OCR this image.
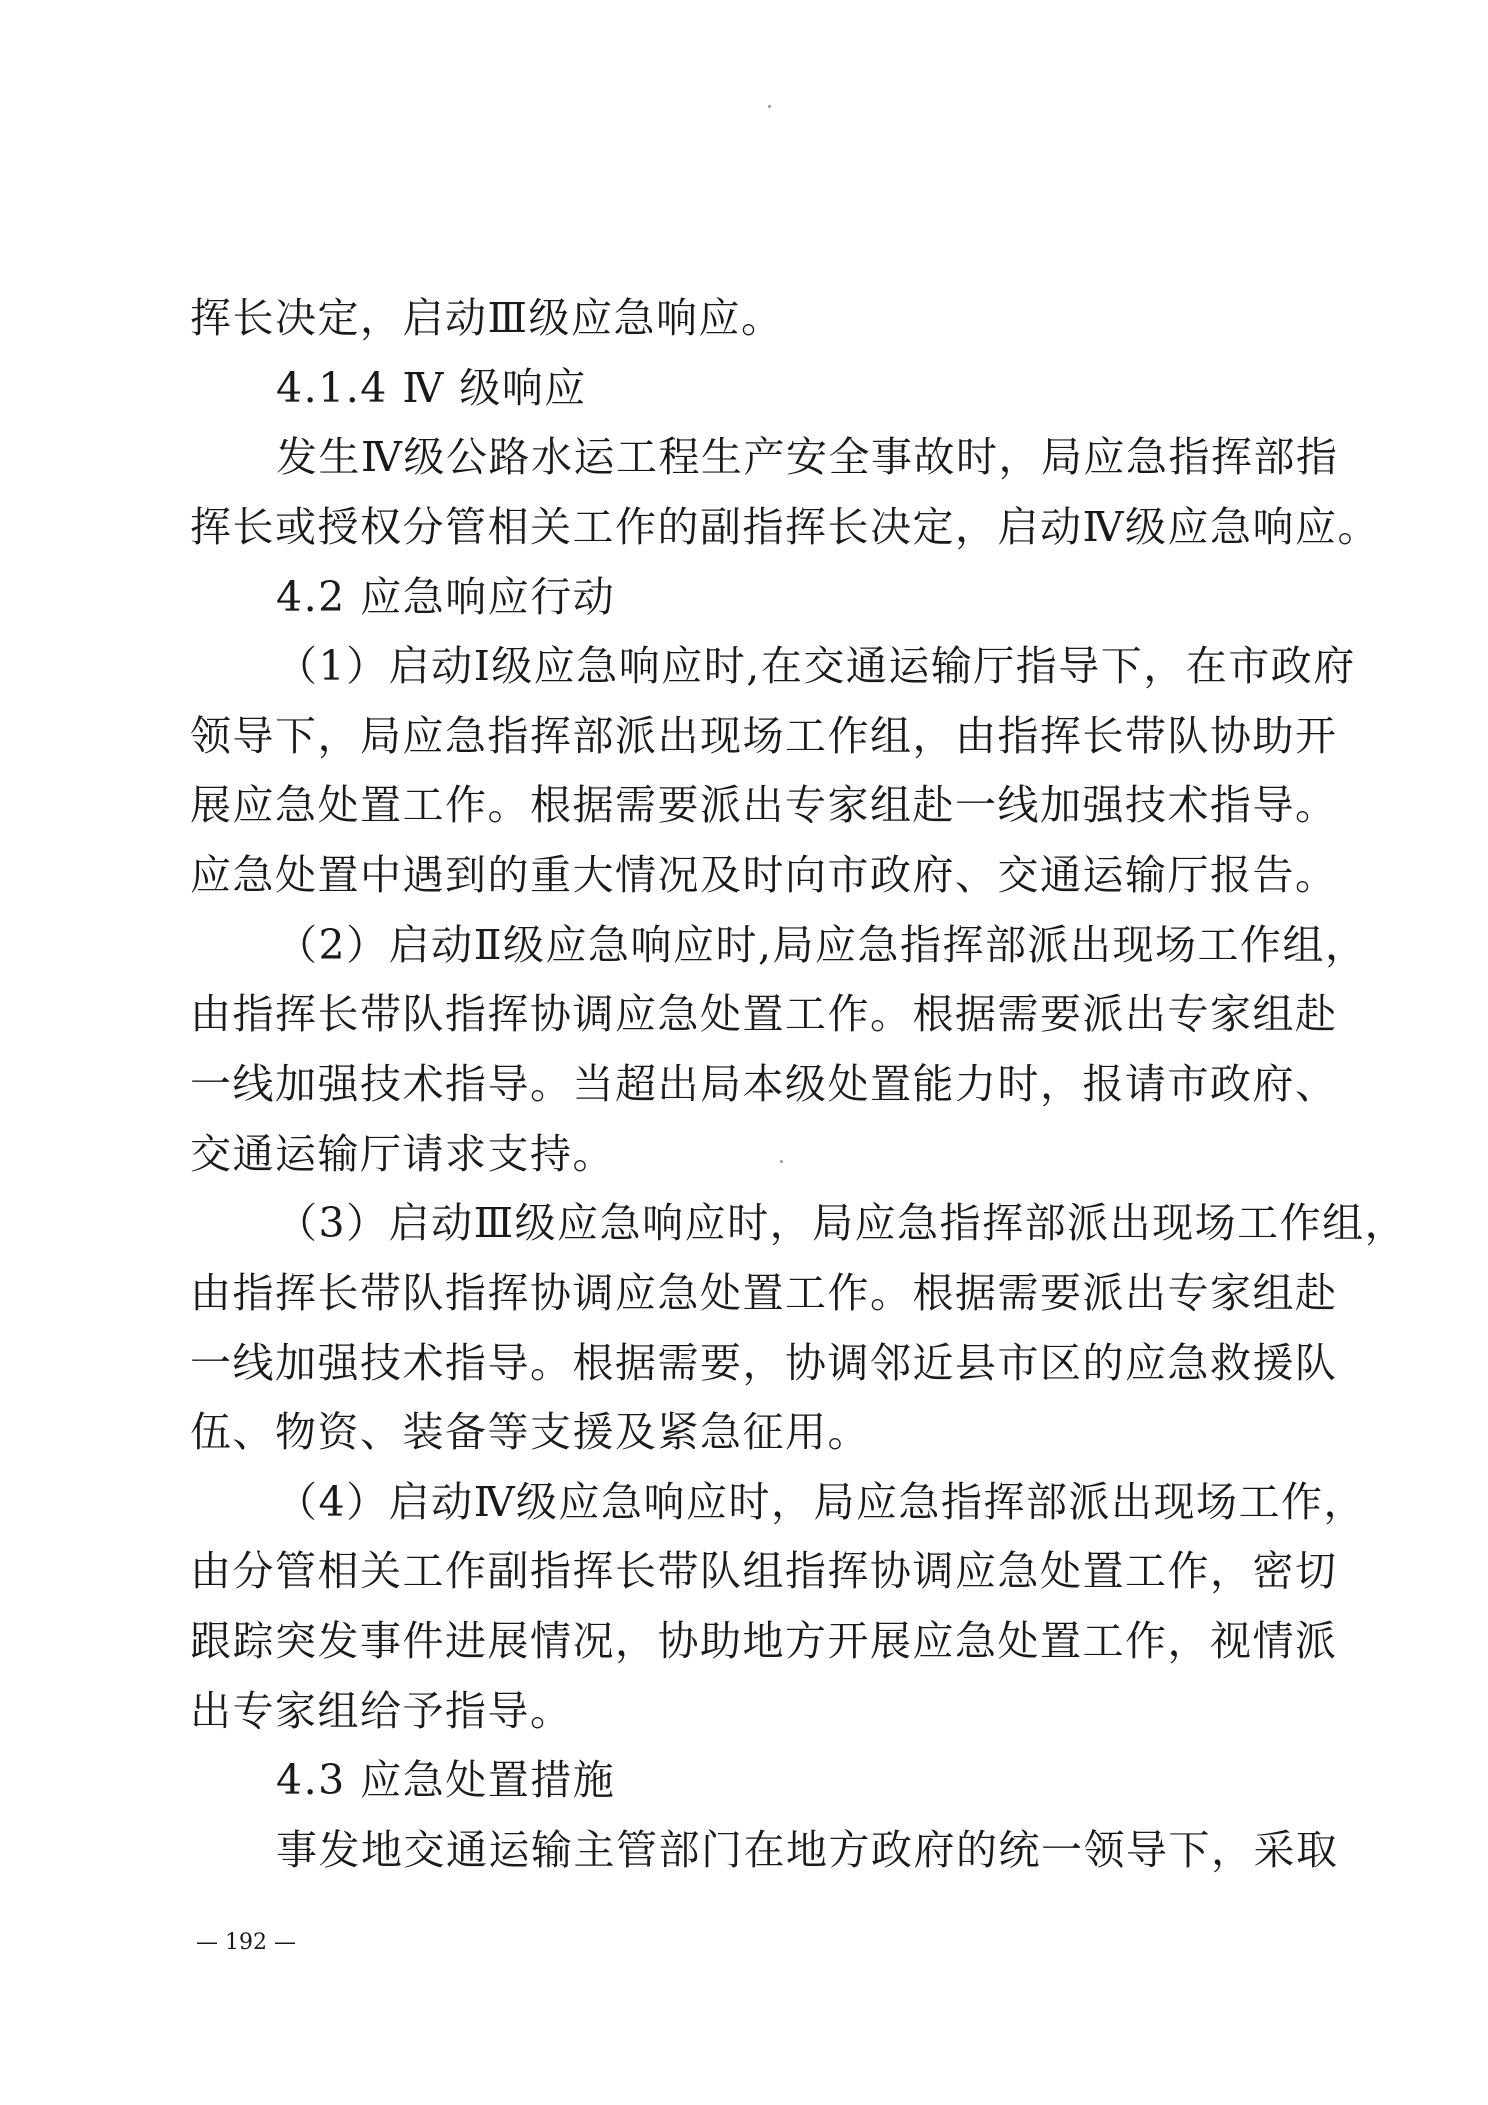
挥长决定，启动Ⅲ级应急响应。
4.1.4 Ⅳ 级响应
发生Ⅳ级公路水运工程生产安全事故时，局应急指挥部指
挥长或授权分管相关工作的副指挥长决定，启动Ⅳ级应急响应。
4.2 应急响应行动
（1）启动Ⅰ级应急响应时,在交通运输厅指导下，在市政府
领导下，局应急指挥部派出现场工作组，由指挥长带队协助开
展应急处置工作。根据需要派出专家组赴一线加强技术指导。
应急处置中遇到的重大情况及时向市政府、交通运输厅报告。
（2）启动Ⅱ级应急响应时,局应急指挥部派出现场工作组，
由指挥长带队指挥协调应急处置工作。根据需要派出专家组赴
一线加强技术指导。当超出局本级处置能力时，报请市政府、
交通运输厅请求支持。
（3）启动Ⅲ级应急响应时，局应急指挥部派出现场工作组，
由指挥长带队指挥协调应急处置工作。根据需要派出专家组赴
一线加强技术指导。根据需要，协调邻近县市区的应急救援队
伍、物资、装备等支援及紧急征用。
（4）启动Ⅳ级应急响应时，局应急指挥部派出现场工作，
由分管相关工作副指挥长带队组指挥协调应急处置工作，密切
跟踪突发事件进展情况，协助地方开展应急处置工作，视情派
出专家组给予指导。
4.3 应急处置措施
事发地交通运输主管部门在地方政府的统一领导下，采取
— 192 —
